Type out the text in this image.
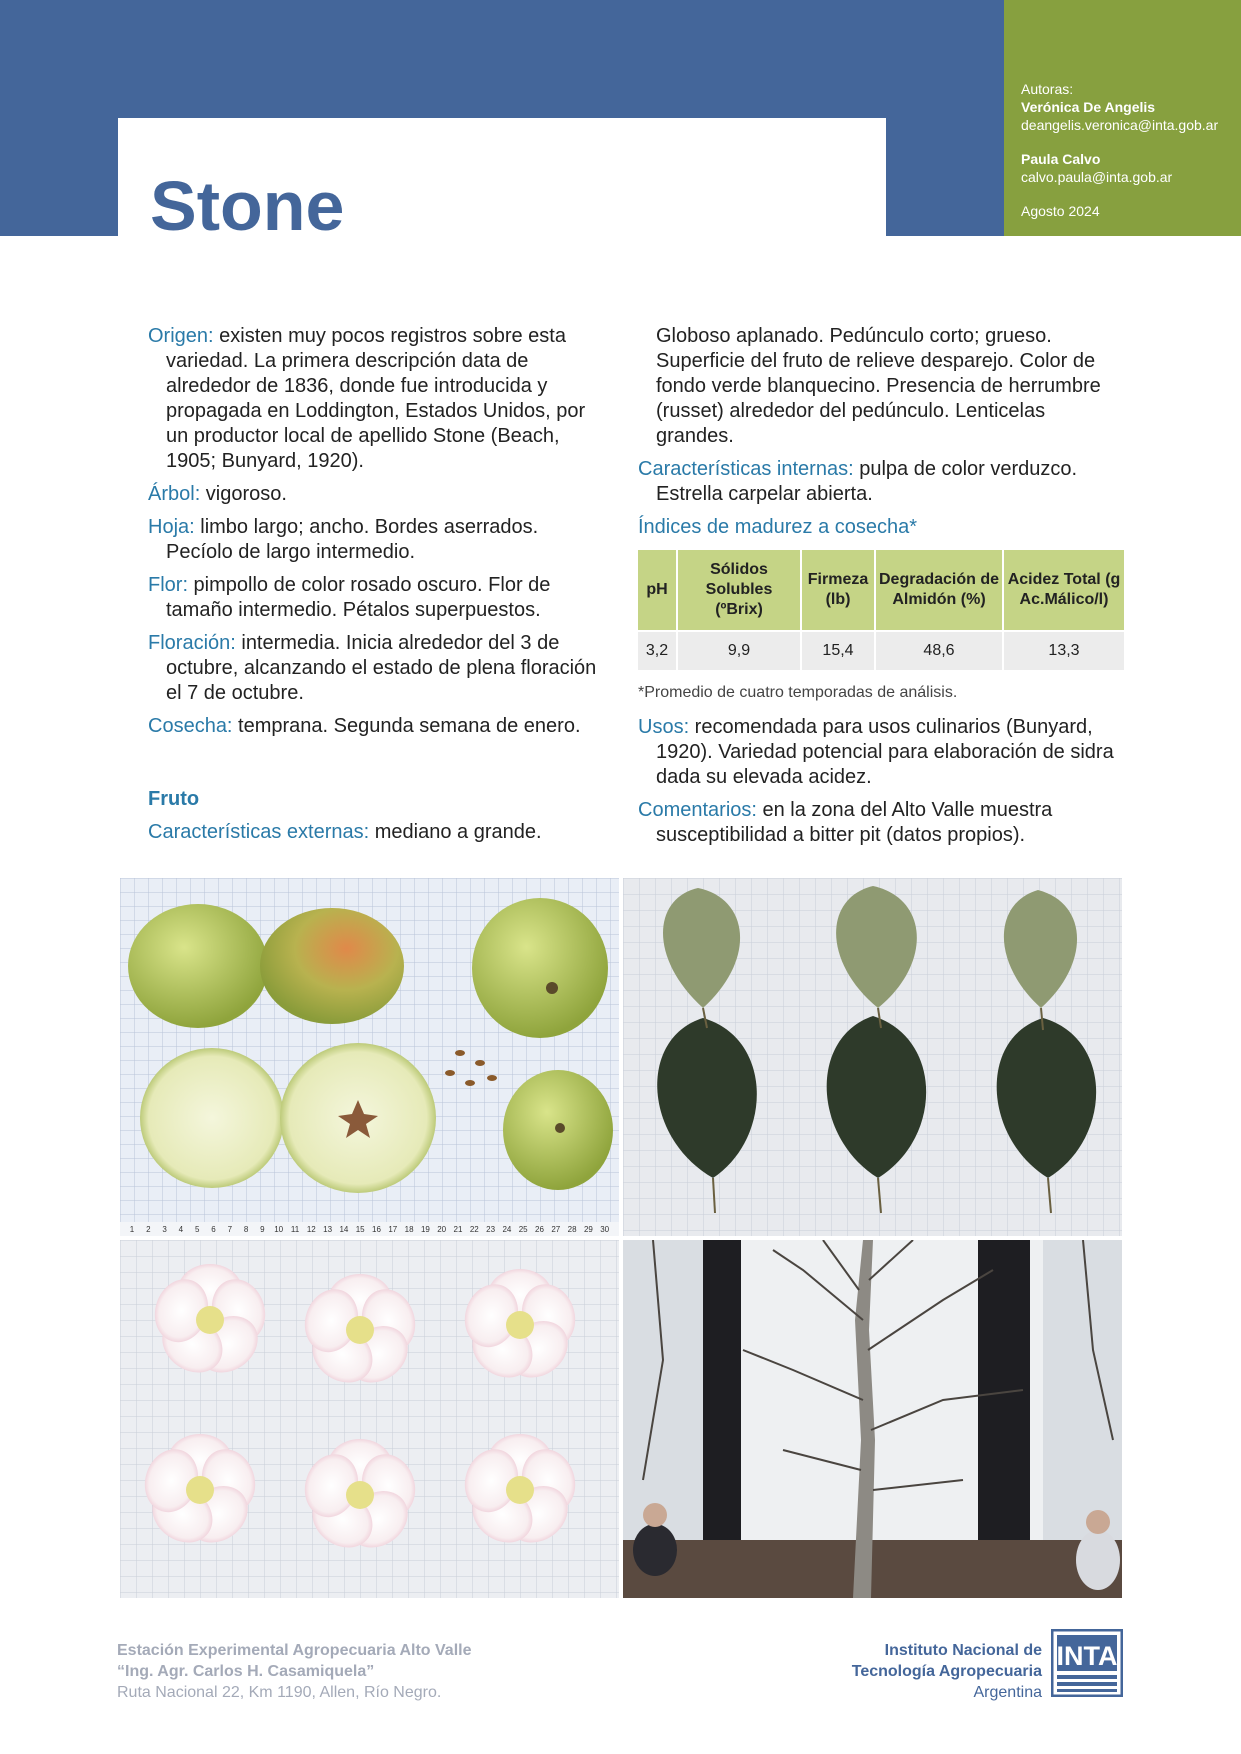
Autoras:
Verónica De Angelis
deangelis.veronica@inta.gob.ar
Paula Calvo
calvo.paula@inta.gob.ar
Agosto 2024
Stone

Origen: existen muy pocos registros sobre esta variedad. La primera descripción data de alrededor de 1836, donde fue introducida y propagada en Loddington, Estados Unidos, por un productor local de apellido Stone (Beach, 1905; Bunyard, 1920).

Árbol: vigoroso.

Hoja: limbo largo; ancho. Bordes aserrados. Pecíolo de largo intermedio.

Flor: pimpollo de color rosado oscuro. Flor de tamaño intermedio. Pétalos superpuestos.

Floración: intermedia. Inicia alrededor del 3 de octubre, alcanzando el estado de plena floración el 7 de octubre.

Cosecha: temprana. Segunda semana de enero.

Fruto

Características externas: mediano a grande.

Globoso aplanado. Pedúnculo corto; grueso. Superficie del fruto de relieve desparejo. Color de fondo verde blanquecino. Presencia de herrumbre (russet) alrededor del pedúnculo. Lenticelas grandes.

Características internas: pulpa de color verduzco. Estrella carpelar abierta.

Índices de madurez a cosecha*
pH	Sólidos Solubles (ºBrix)	Firmeza (lb)	Degradación de Almidón (%)	Acidez Total (g Ac.Málico/l)
3,2	9,9	15,4	48,6	13,3

*Promedio de cuatro temporadas de análisis.

Usos: recomendada para usos culinarios (Bunyard, 1920). Variedad potencial para elaboración de sidra dada su elevada acidez.

Comentarios: en la zona del Alto Valle muestra susceptibilidad a bitter pit (datos propios).

1 2 3 4 5 6 7 8 9 10 11 12 13 14 15 16 17 18 19 20 21 22 23 24 25 26 27 28 29 30
Estación Experimental Agropecuaria Alto Valle
“Ing. Agr. Carlos H. Casamiquela”
Ruta Nacional 22, Km 1190, Allen, Río Negro.
Instituto Nacional de
Tecnología Agropecuaria
Argentina
INTA
